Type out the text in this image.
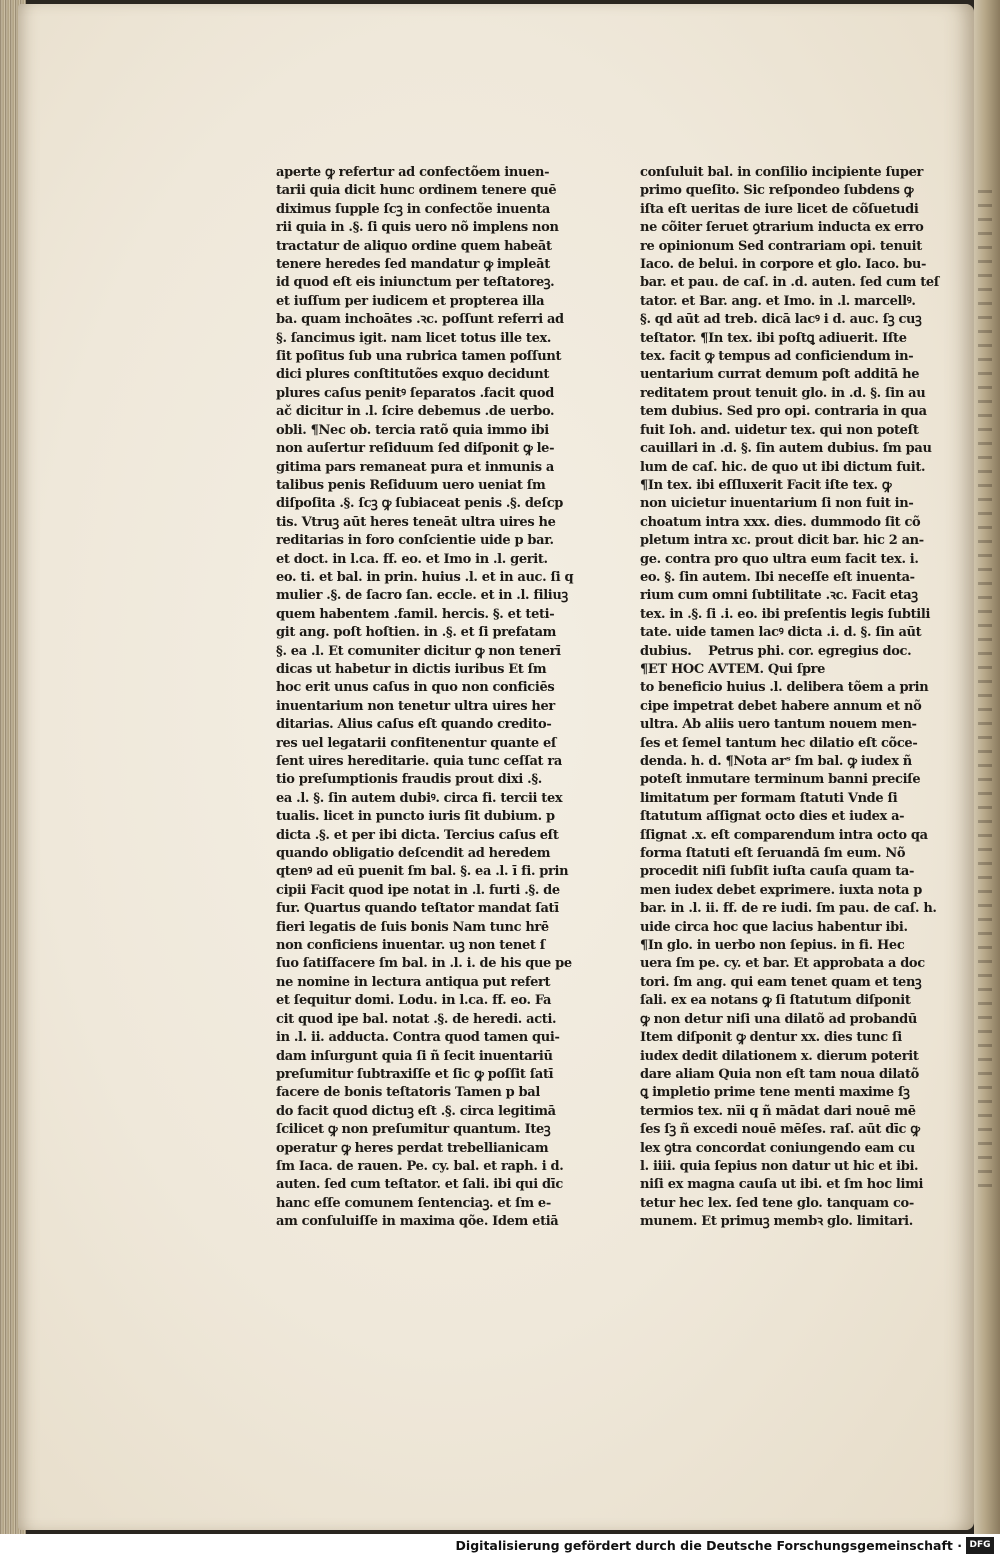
aperte ꝙ refertur ad confectõem inuen-
tarii quia dicit hunc ordinem tenere quē
diximus ſupple ſcꝫ in confectõe inuenta
rii quia in .§. ſi quis uero nõ implens non
tractatur de aliquo ordine quem habeāt
tenere heredes ſed mandatur ꝙ impleāt
id quod eſt eis iniunctum per teſtatoreꝫ.
et iuſſum per iudicem et propterea illa
ba. quam inchoātes .ꝛc. poſſunt referri ad
§. ſancimus igit. nam licet totus ille tex.
ſit poſitus ſub una rubrica tamen poſſunt
dici plures conſtitutões exquo decidunt
plures caſus penitꝰ ſeparatos .facit quod
ač dicitur in .l. ſcire debemus .de uerbo.
obli. ¶Nec ob. tercia ratõ quia immo ibi
non auſertur reſiduum ſed diſponit ꝙ le-
gitima pars remaneat pura et inmunis a
talibus penis Reſiduum uero ueniat ſm
diſpoſita .§. ſcꝫ ꝙ ſubiaceat penis .§. deſcp
tis. Vtruꝫ aūt heres teneāt ultra uires he
reditarias in foro conſcientie uide p bar.
et doct. in l.ca. ff. eo. et Imo in .l. gerit.
eo. ti. et bal. in prin. huius .l. et in auc. ſi q
mulier .§. de ſacro ſan. eccle. et in .l. filiuꝫ
quem habentem .famil. hercis. §. et teti-
git ang. poſt hoſtien. in .§. et ſi prefatam
§. ea .l. Et comuniter dicitur ꝙ non tenerī
dicas ut habetur in dictis iuribus Et ſm
hoc erit unus caſus in quo non conficiēs
inuentarium non tenetur ultra uires her
ditarias. Alius caſus eſt quando credito-
res uel legatarii confitenentur quante eſ
ſent uires hereditarie. quia tunc ceſſat ra
tio preſumptionis fraudis prout dixi .§.
ea .l. §. ſin autem dubiꝰ. circa fi. tercii tex
tualis. licet in puncto iuris ſit dubium. p
dicta .§. et per ibi dicta. Tercius caſus eſt
quando obligatio deſcendit ad heredem
qtenꝰ ad eū puenit ſm bal. §. ea .l. ī fi. prin
cipii Facit quod ipe notat in .l. furti .§. de
fur. Quartus quando teſtator mandat ſatī
fieri legatis de ſuis bonis Nam tunc hrē
non conficiens inuentar. uꝫ non tenet ſ
ſuo ſatiſfacere ſm bal. in .l. i. de his que pe
ne nomine in lectura antiqua put refert
et ſequitur domi. Lodu. in l.ca. ff. eo. Fa
cit quod ipe bal. notat .§. de heredi. acti.
in .l. ii. adducta. Contra quod tamen qui-
dam inſurgunt quia ſi ñ ſecit inuentariū
preſumitur ſubtraxiſſe et ſic ꝙ poſſit ſatī
facere de bonis teſtatoris Tamen p bal
do facit quod dictuꝫ eſt .§. circa legitimā
ſcilicet ꝙ non preſumitur quantum. Iteꝫ
operatur ꝙ heres perdat trebellianicam
ſm Iaca. de rauen. Pe. cy. bal. et raph. i d.
auten. ſed cum teſtator. et ſali. ibi qui dīc
hanc eſſe comunem ſentenciaꝫ. et ſm e-
am conſuluiſſe in maxima qõe. Idem etiā
conſuluit bal. in conſilio incipiente ſuper
primo queſito. Sic reſpondeo ſubdens ꝙ
iſta eſt ueritas de iure licet de cõſuetudi
ne cõiter ſeruet ꝯtrarium inducta ex erro
re opinionum Sed contrariam opi. tenuit
Iaco. de belui. in corpore et glo. Iaco. bu-
bar. et pau. de caſ. in .d. auten. ſed cum teſ
tator. et Bar. ang. et Imo. in .l. marcellꝰ.
§. qd aūt ad treb. dicā lacꝰ i d. auc. ſꝫ cuꝫ
teſtator. ¶In tex. ibi poſtꝗ adiuerit. Iſte
tex. facit ꝙ tempus ad conficiendum in-
uentarium currat demum poſt additā he
reditatem prout tenuit glo. in .d. §. ſin au
tem dubius. Sed pro opi. contraria in qua
fuit Ioh. and. uidetur tex. qui non poteſt
cauillari in .d. §. ſin autem dubius. ſm pau
lum de caſ. hic. de quo ut ibi dictum fuit.
¶In tex. ibi eſſluxerit Facit iſte tex. ꝙ
non uicietur inuentarium ſi non fuit in-
choatum intra xxx. dies. dummodo ſit cõ
pletum intra xc. prout dicit bar. hic 2 an-
ge. contra pro quo ultra eum facit tex. i.
eo. §. ſin autem. Ibi neceſſe eſt inuenta-
rium cum omni ſubtilitate .ꝛc. Facit etaꝫ
tex. in .§. ſi .i. eo. ibi preſentis legis ſubtili
tate. uide tamen lacꝰ dicta .i. d. §. ſin aūt
dubius.    Petrus phi. cor. egregius doc.
¶ET HOC AVTEM. Qui ſpre
to beneficio huius .l. delibera tõem a prin
cipe impetrat debet habere annum et nõ
ultra. Ab aliis uero tantum nouem men-
ſes et ſemel tantum hec dilatio eſt cõce-
denda. h. d. ¶Nota arˢ ſm bal. ꝙ iudex ñ
poteſt inmutare terminum banni preciſe
limitatum per formam ſtatuti Vnde ſi
ſtatutum aſſignat octo dies et iudex a-
ſſignat .x. eſt comparendum intra octo qa
forma ſtatuti eſt ſeruandā ſm eum. Nõ
procedit niſi ſubſit iuſta cauſa quam ta-
men iudex debet exprimere. iuxta nota p
bar. in .l. ii. ff. de re iudi. ſm pau. de caſ. h.
uide circa hoc que lacius habentur ibi.
¶In glo. in uerbo non ſepius. in fi. Hec
uera ſm pe. cy. et bar. Et approbata a doc
tori. ſm ang. qui eam tenet quam et tenꝫ
ſali. ex ea notans ꝙ ſi ſtatutum diſponit
ꝙ non detur niſi una dilatõ ad probandū
Item diſponit ꝙ dentur xx. dies tunc ſi
iudex dedit dilationem x. dierum poterit
dare aliam Quia non eſt tam noua dilatõ
ꝗ impletio prime tene menti maxime ſꝫ
termios tex. nīi q ñ mādat dari nouē mē
ſes ſꝫ ñ excedi nouē mēſes. raſ. aūt dīc ꝙ
lex ꝯtra concordat coniungendo eam cu
l. iiii. quia ſepius non datur ut hic et ibi.
niſi ex magna cauſa ut ibi. et ſm hoc limi
tetur hec lex. ſed tene glo. tanquam co-
munem. Et primuꝫ membꝛ glo. limitari.
Digitalisierung gefördert durch die Deutsche Forschungsgemeinschaft · DFG
